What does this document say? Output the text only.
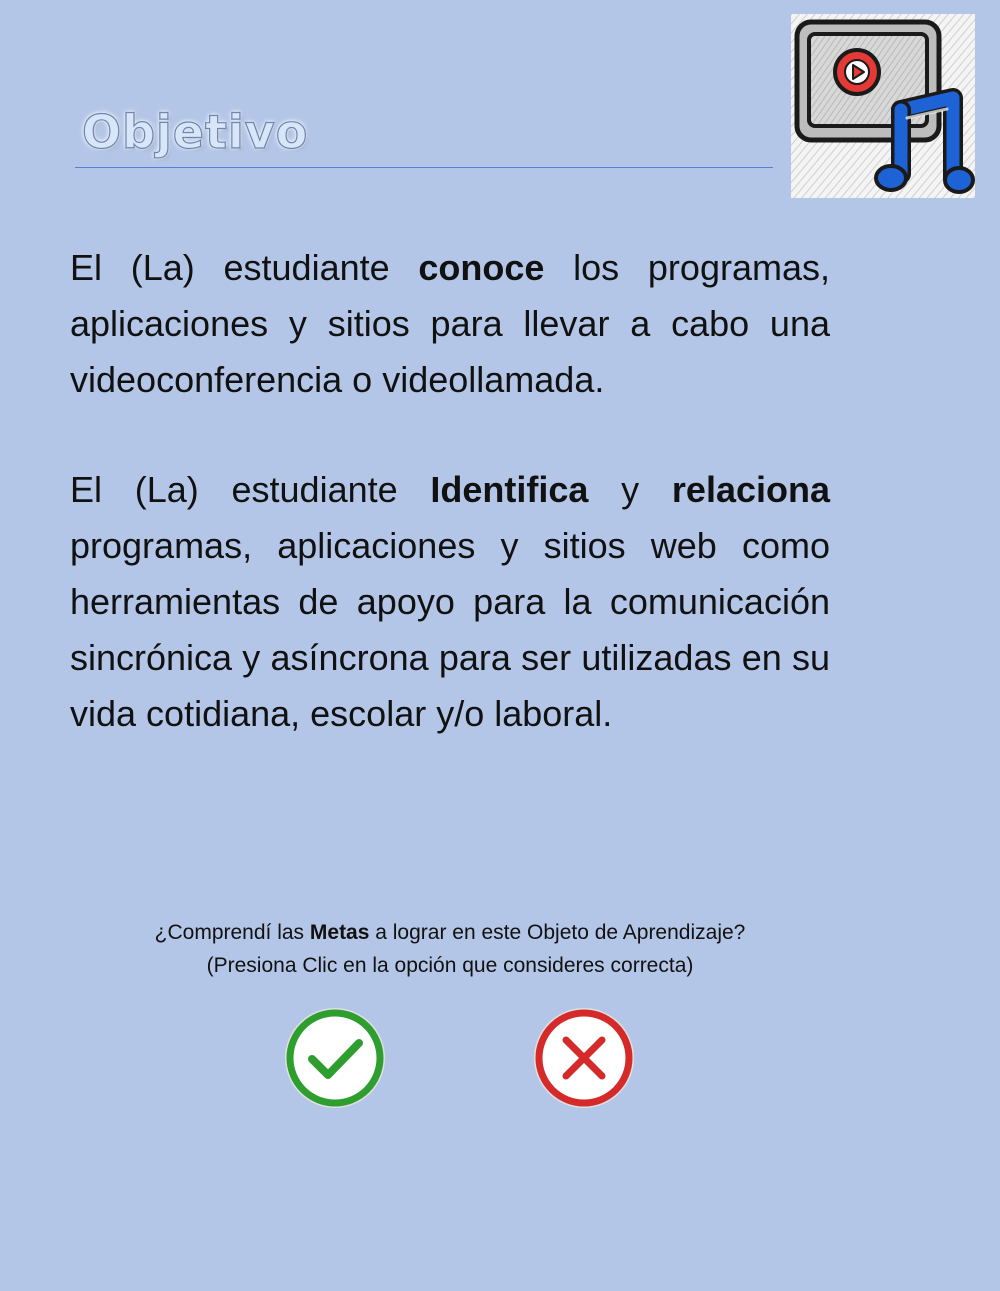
Objetivo

El (La) estudiante conoce los programas, aplicaciones y sitios para llevar a cabo una videoconferencia o videollamada.

El (La) estudiante Identifica y relaciona programas, aplicaciones y sitios web como herramientas de apoyo para la comunicación sincrónica y asíncrona para ser utilizadas en su vida cotidiana, escolar y/o laboral.

¿Comprendí las Metas a lograr en este Objeto de Aprendizaje?
(Presiona Clic en la opción que consideres correcta)
